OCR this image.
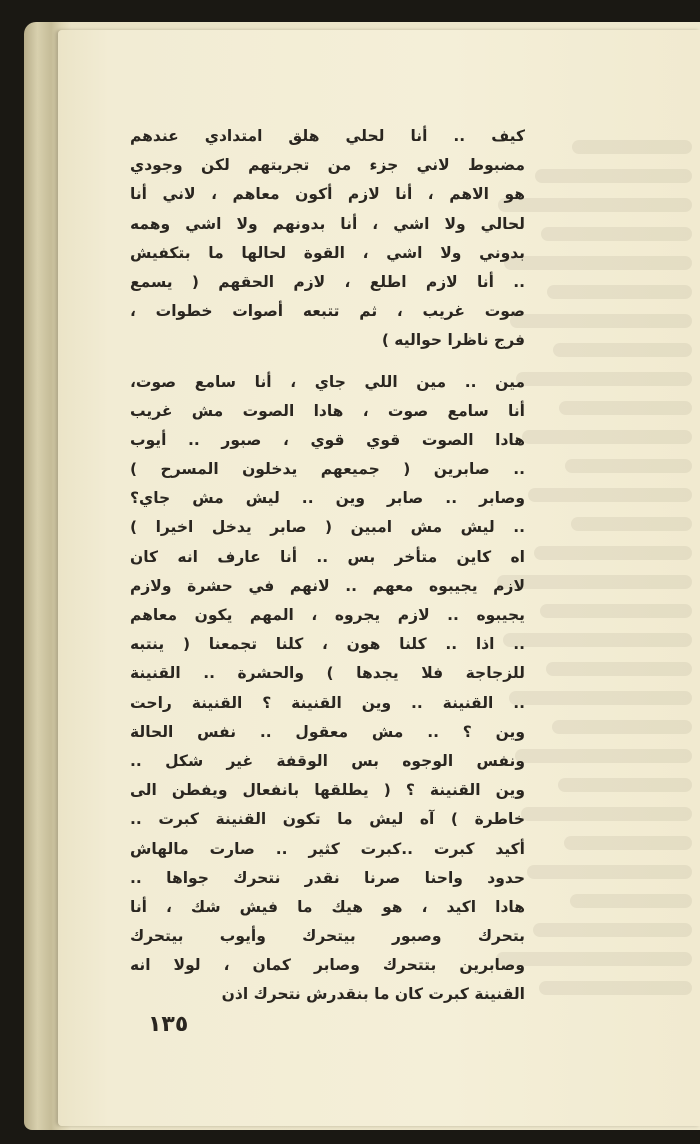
كيف .. أنا لحلي هلق امتدادي عندهم
مضبوط لاني جزء من تجربتهم لكن وجودي
هو الاهم ، أنا لازم أكون معاهم ، لاني أنا
لحالي ولا اشي ، أنا بدونهم ولا اشي وهمه
بدوني ولا اشي ، القوة لحالها ما بتكفيش
.. أنا لازم اطلع ، لازم الحقهم ( يسمع
صوت غريب ، ثم تتبعه أصوات خطوات ،
فرج ناظرا حواليه )
مين .. مين اللي جاي ، أنا سامع صوت،
أنا سامع صوت ، هادا الصوت مش غريب
هادا الصوت قوي قوي ، صبور .. أيوب
.. صابرين ( جميعهم يدخلون المسرح )
وصابر .. صابر وين .. ليش مش جاي؟
.. ليش مش امبين ( صابر يدخل اخيرا )
اه كاين متأخر بس .. أنا عارف انه كان
لازم يجيبوه معهم .. لانهم في حشرة ولازم
يجيبوه .. لازم يجروه ، المهم يكون معاهم
.. اذا .. كلنا هون ، كلنا تجمعنا ( ينتبه
للزجاجة فلا يجدها ) والحشرة .. القنينة
.. القنينة .. وين القنينة ؟ القنينة راحت
وين ؟ .. مش معقول .. نفس الحالة
ونفس الوجوه بس الوقفة غير شكل ..
وين القنينة ؟ ( يطلقها بانفعال ويفطن الى
خاطرة ) آه ليش ما تكون القنينة كبرت ..
أكيد كبرت ..كبرت كثير .. صارت مالهاش
حدود واحنا صرنا نقدر نتحرك جواها ..
هادا اكيد ، هو هيك ما فيش شك ، أنا
بتحرك وصبور بيتحرك وأيوب بيتحرك
وصابرين بتتحرك وصابر كمان ، لولا انه
القنينة كبرت كان ما بنقدرش نتحرك اذن
١٣٥
